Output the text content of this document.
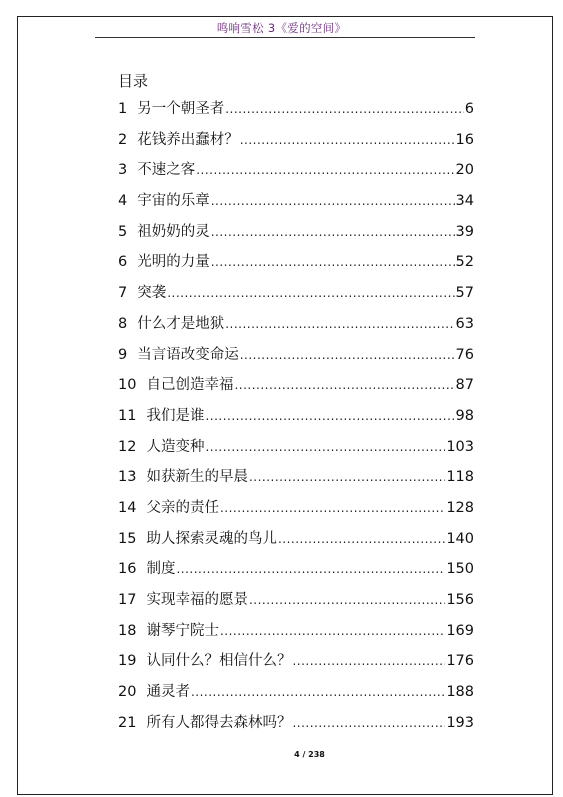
鸣响雪松 3《爱的空间》
目录
1 另一个朝圣者 .....	6
2 花钱养出蠢材？ .....	16
3 不速之客 .....	20
4 宇宙的乐章 .....	34
5 祖奶奶的灵 .....	39
6 光明的力量 .....	52
7 突袭 .....	57
8 什么才是地狱 .....	63
9 当言语改变命运 .....	76
10 自己创造幸福 .....	87
11 我们是谁 .....	98
12 人造变种 .....	103
13 如获新生的早晨 .....	118
14 父亲的责任 .....	128
15 助人探索灵魂的鸟儿 .....	140
16 制度 .....	150
17 实现幸福的愿景 .....	156
18 谢琴宁院士 .....	169
19 认同什么？相信什么？ .....	176
20 通灵者 .....	188
21 所有人都得去森林吗？ .....	193
4 / 238
